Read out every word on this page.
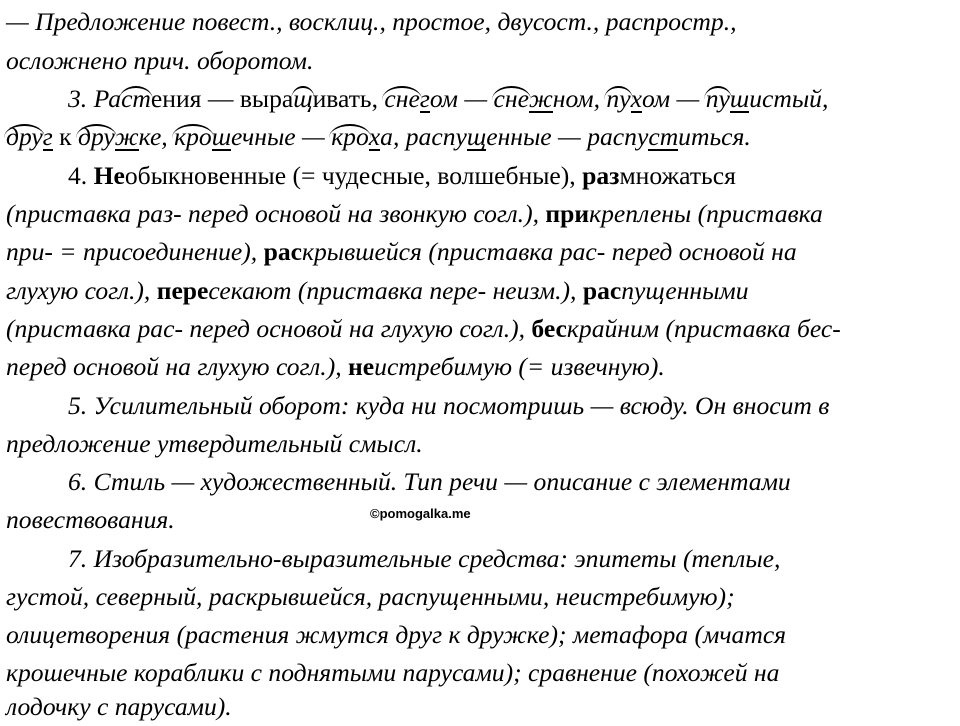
— Предложение повест., восклиц., простое, двусост., распростр.,
осложнено прич. оборотом.
3. Растения — выращивать, снегом — снежном, пухом — пушистый,
друг к дружке, крошечные — кроха, распущенные — распуститься.
4. Необыкновенные (= чудесные, волшебные), размножаться
(приставка раз- перед основой на звонкую согл.), прикреплены (приставка
при- = присоединение), раскрывшейся (приставка рас- перед основой на
глухую согл.), пересекают (приставка пере- неизм.), распущенными
(приставка рас- перед основой на глухую согл.), бескрайним (приставка бес-
перед основой на глухую согл.), неистребимую (= извечную).
5. Усилительный оборот: куда ни посмотришь — всюду. Он вносит в
предложение утвердительный смысл.
6. Стиль — художественный. Тип речи — описание с элементами
повествования.	©pomogalka.me
7. Изобразительно-выразительные средства: эпитеты (теплые,
густой, северный, раскрывшейся, распущенными, неистребимую);
олицетворения (растения жмутся друг к дружке); метафора (мчатся
крошечные кораблики с поднятыми парусами); сравнение (похожей на
лодочку с парусами).
